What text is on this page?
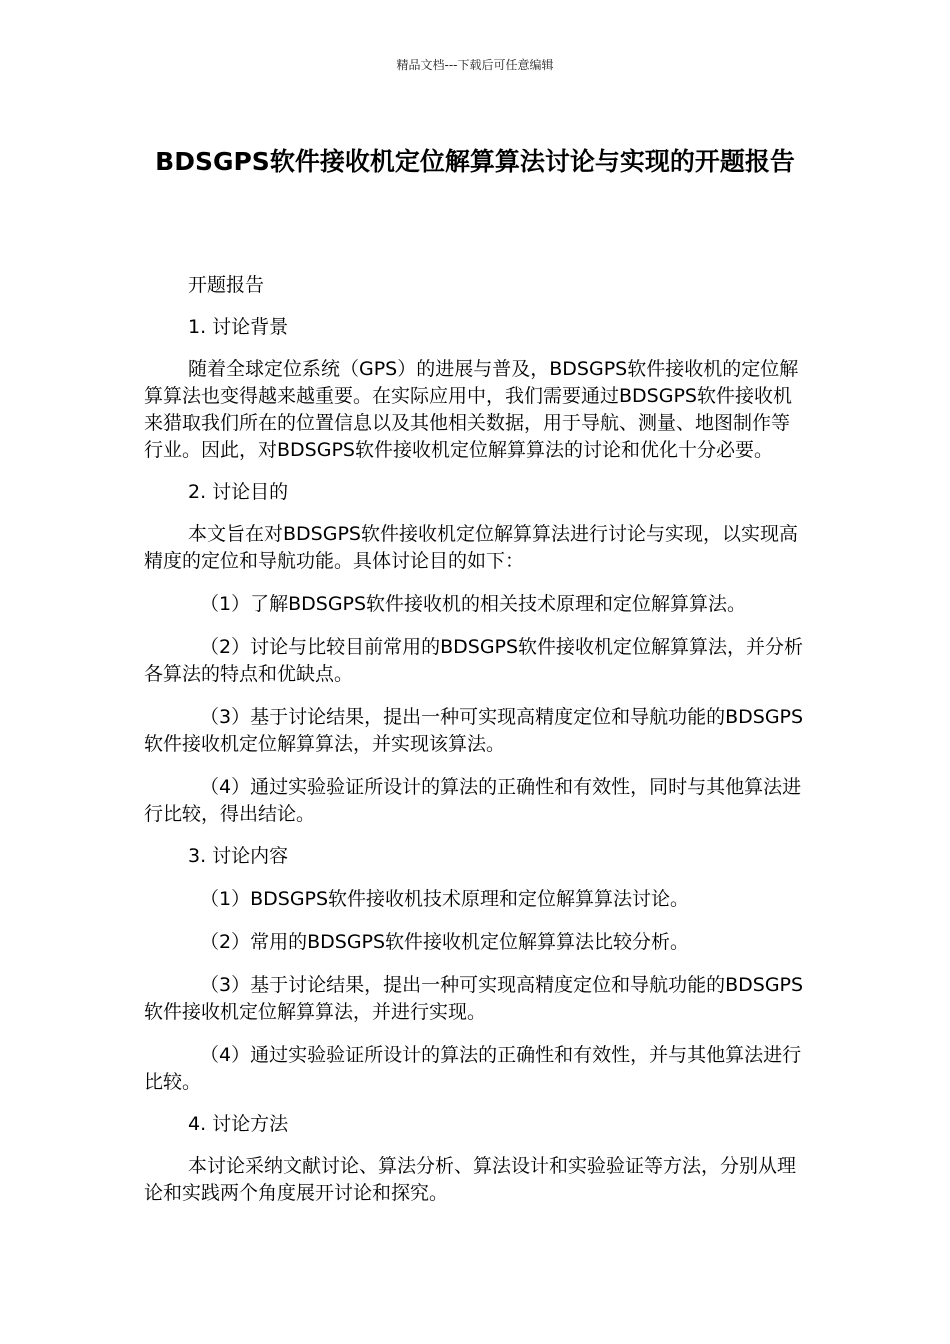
精品文档---下载后可任意编辑
BDSGPS软件接收机定位解算算法讨论与实现的开题报告

开题报告

1. 讨论背景

随着全球定位系统（GPS）的进展与普及，BDSGPS软件接收机的定位解算算法也变得越来越重要。在实际应用中，我们需要通过BDSGPS软件接收机来猎取我们所在的位置信息以及其他相关数据，用于导航、测量、地图制作等行业。因此，对BDSGPS软件接收机定位解算算法的讨论和优化十分必要。

2. 讨论目的

本文旨在对BDSGPS软件接收机定位解算算法进行讨论与实现，以实现高精度的定位和导航功能。具体讨论目的如下：

（1）了解BDSGPS软件接收机的相关技术原理和定位解算算法。

（2）讨论与比较目前常用的BDSGPS软件接收机定位解算算法，并分析各算法的特点和优缺点。

（3）基于讨论结果，提出一种可实现高精度定位和导航功能的BDSGPS软件接收机定位解算算法，并实现该算法。

（4）通过实验验证所设计的算法的正确性和有效性，同时与其他算法进行比较，得出结论。

3. 讨论内容

（1）BDSGPS软件接收机技术原理和定位解算算法讨论。

（2）常用的BDSGPS软件接收机定位解算算法比较分析。

（3）基于讨论结果，提出一种可实现高精度定位和导航功能的BDSGPS软件接收机定位解算算法，并进行实现。

（4）通过实验验证所设计的算法的正确性和有效性，并与其他算法进行比较。

4. 讨论方法

本讨论采纳文献讨论、算法分析、算法设计和实验验证等方法，分别从理论和实践两个角度展开讨论和探究。
